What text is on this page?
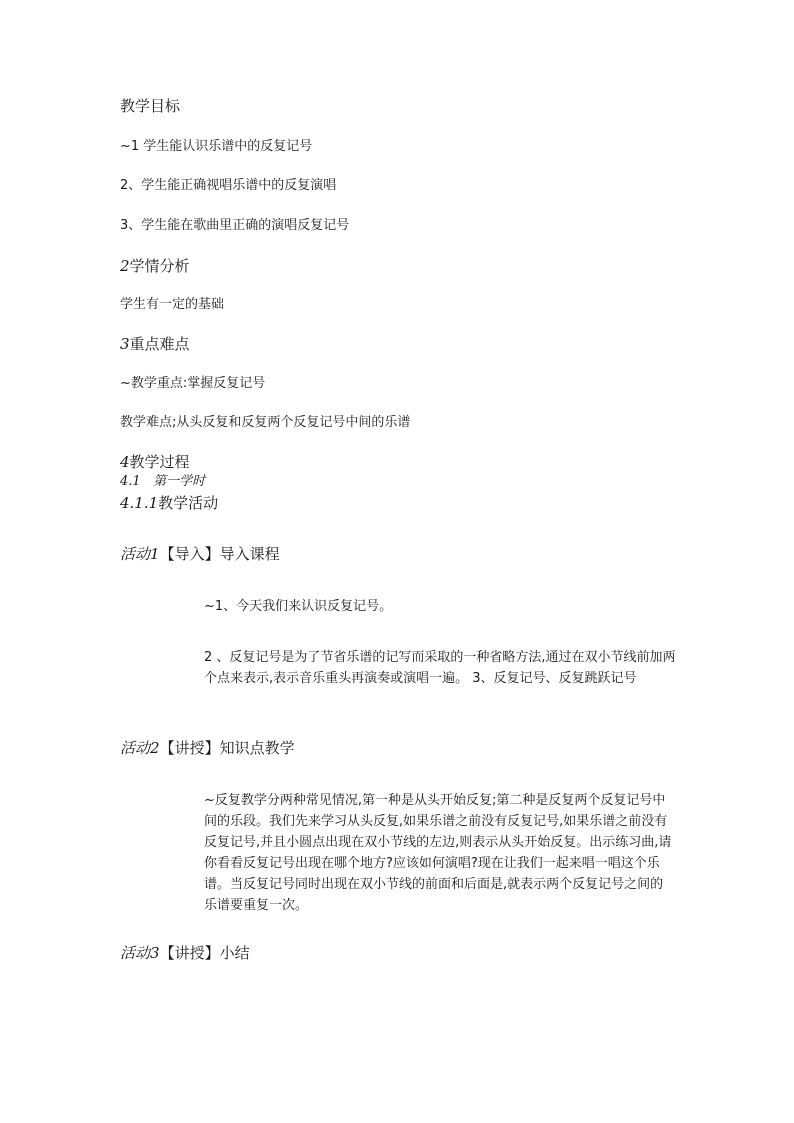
教学目标
~1 学生能认识乐谱中的反复记号
2、学生能正确视唱乐谱中的反复演唱
3、学生能在歌曲里正确的演唱反复记号
2学情分析
学生有一定的基础
3重点难点
~教学重点:掌握反复记号
教学难点;从头反复和反复两个反复记号中间的乐谱
4教学过程
4.1 第一学时
4.1.1教学活动
活动1【导入】导入课程
~1、今天我们来认识反复记号。
2 、反复记号是为了节省乐谱的记写而采取的一种省略方法,通过在双小节线前加两个点来表示,表示音乐重头再演奏或演唱一遍。 3、反复记号、反复跳跃记号
活动2【讲授】知识点教学
~反复教学分两种常见情况,第一种是从头开始反复;第二种是反复两个反复记号中间的乐段。我们先来学习从头反复,如果乐谱之前没有反复记号,如果乐谱之前没有反复记号,并且小圆点出现在双小节线的左边,则表示从头开始反复。出示练习曲,请你看看反复记号出现在哪个地方?应该如何演唱?现在让我们一起来唱一唱这个乐谱。当反复记号同时出现在双小节线的前面和后面是,就表示两个反复记号之间的乐谱要重复一次。
活动3【讲授】小结
